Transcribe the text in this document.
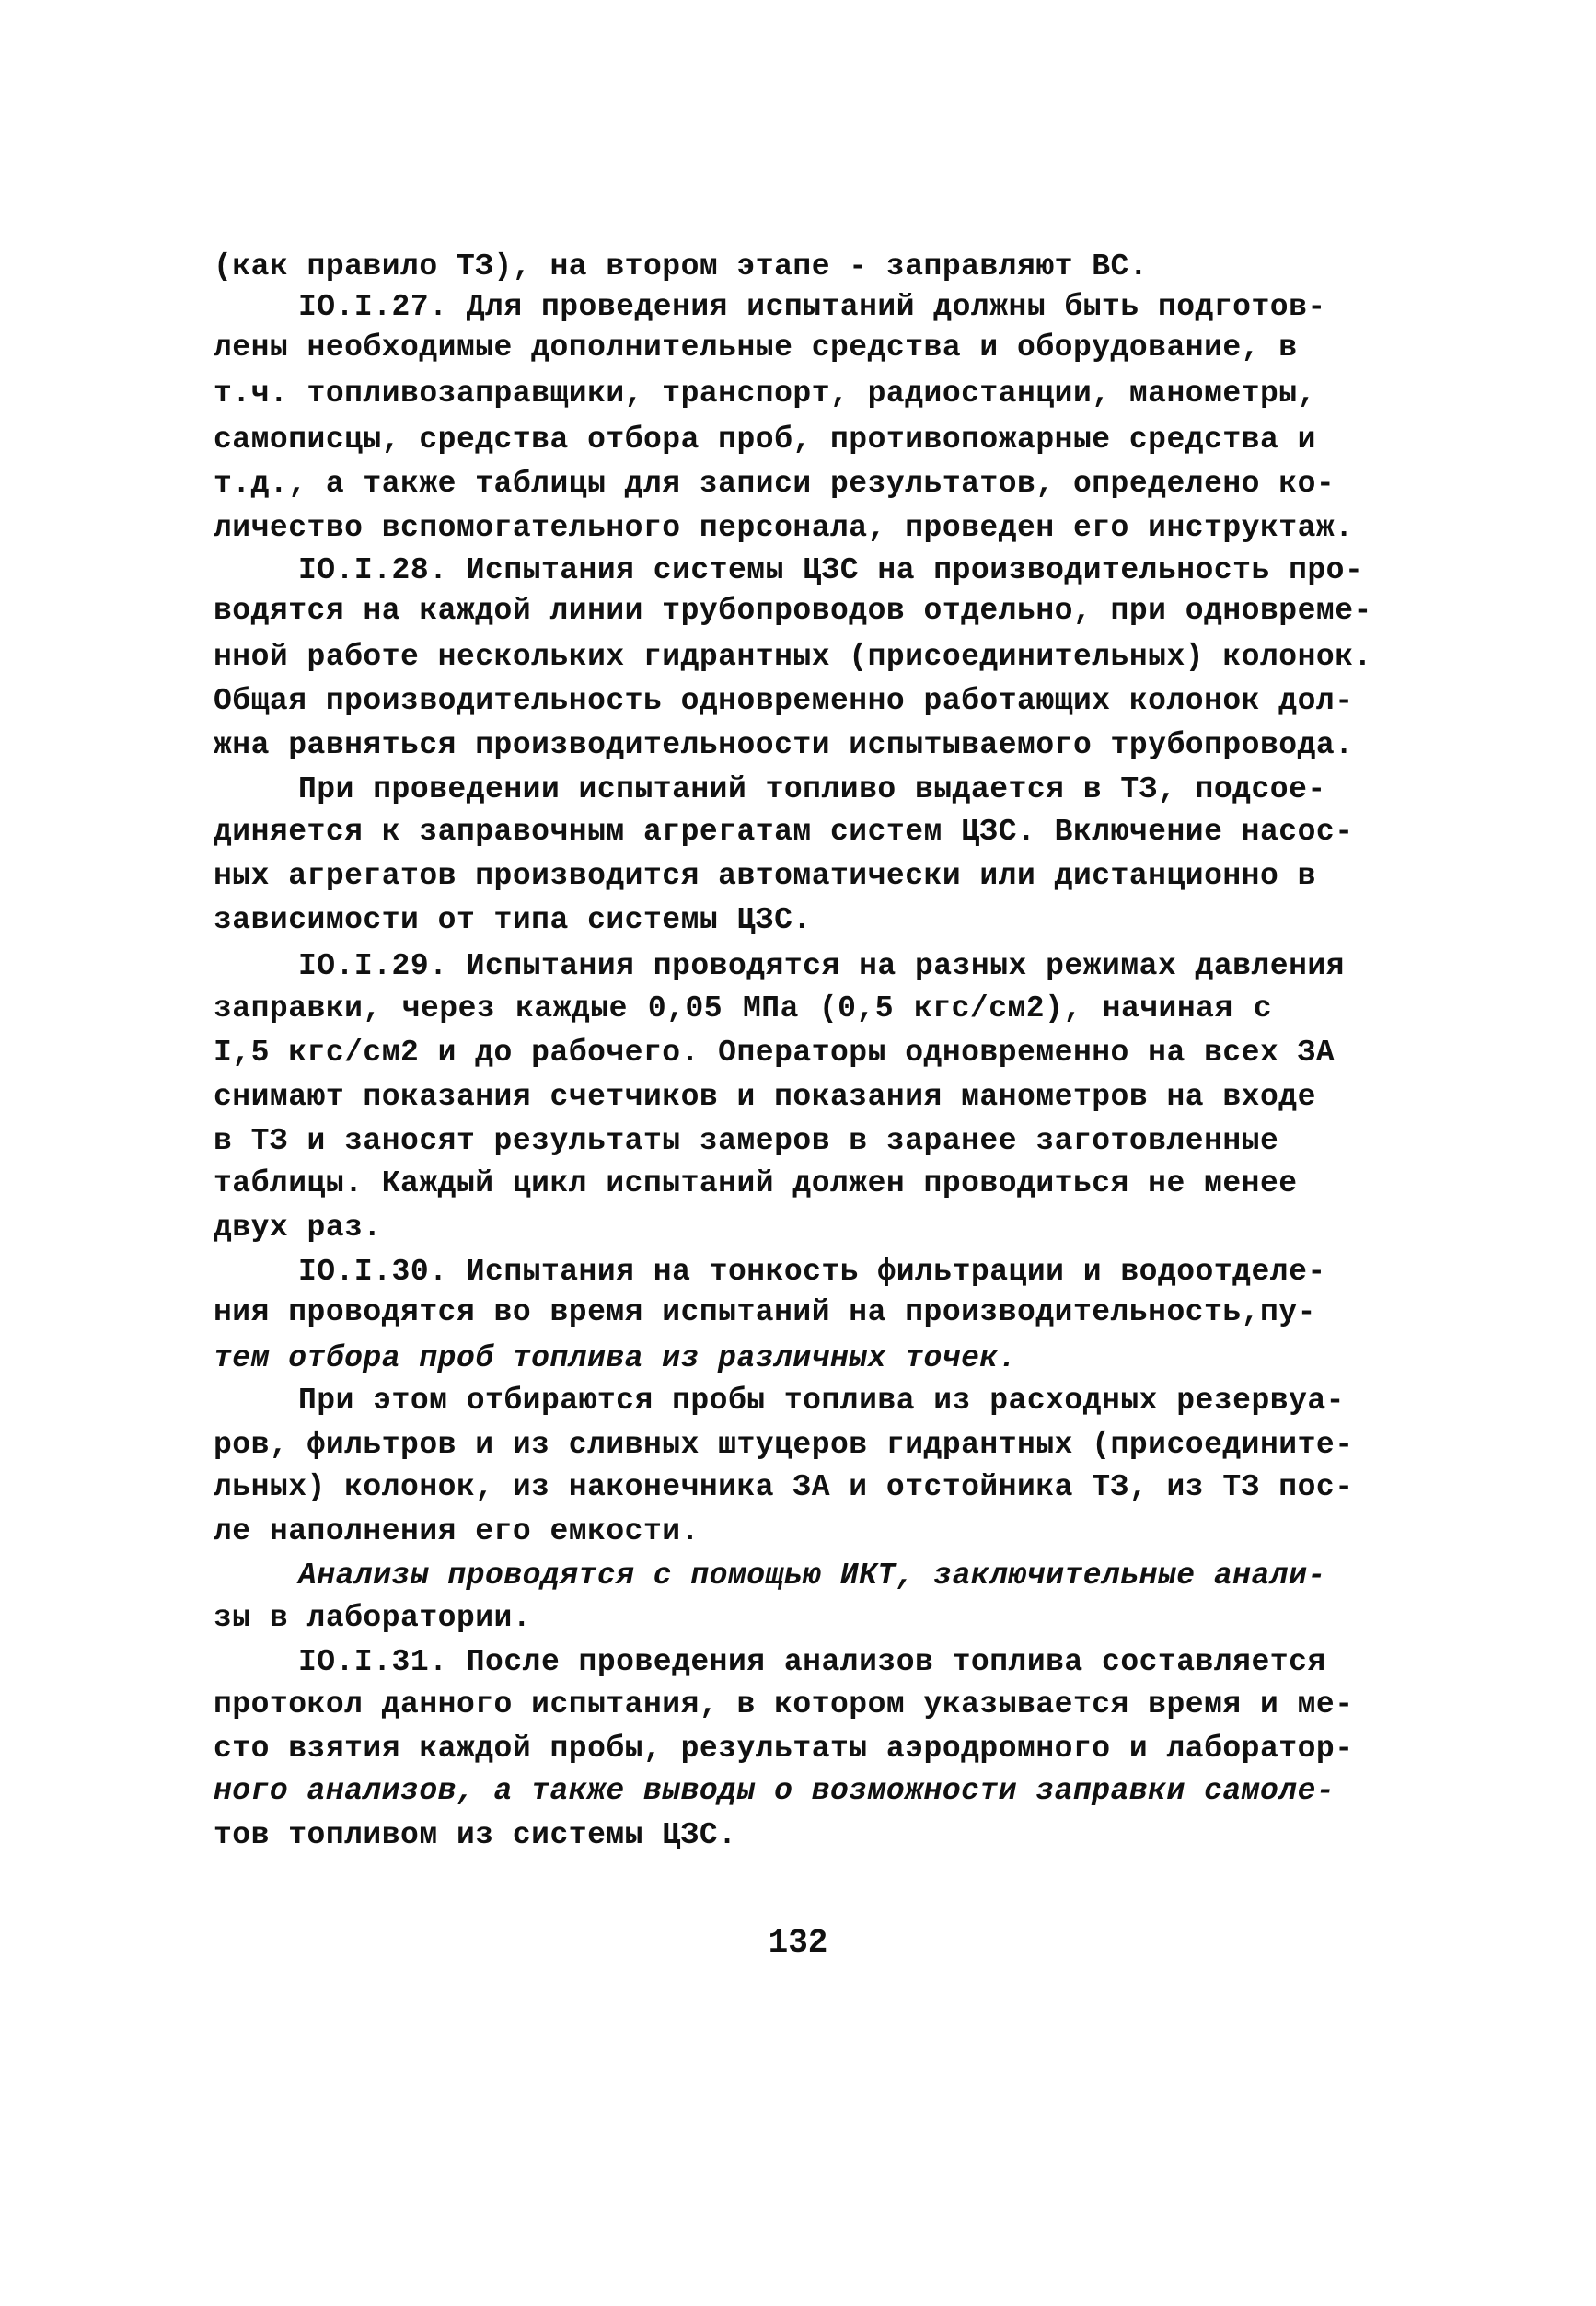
(как правило ТЗ), на втором этапе - заправляют ВС.
IO.I.27. Для проведения испытаний должны быть подготов-
лены необходимые дополнительные средства и оборудование, в
т.ч. топливозаправщики, транспорт, радиостанции, манометры,
самописцы, средства отбора проб, противопожарные средства и
т.д., а также таблицы для записи результатов, определено ко-
личество вспомогательного персонала, проведен его инструктаж.
IO.I.28. Испытания системы ЦЗС на производительность про-
водятся на каждой линии трубопроводов отдельно, при одновреме-
нной работе нескольких гидрантных (присоединительных) колонок.
Общая производительность одновременно работающих колонок дол-
жна равняться производительноости испытываемого трубопровода.
При проведении испытаний топливо выдается в ТЗ, подсое-
диняется к заправочным агрегатам систем ЦЗС. Включение насос-
ных агрегатов производится автоматически или дистанционно в
зависимости от типа системы ЦЗС.
IO.I.29. Испытания проводятся на разных режимах давления
заправки, через каждые 0,05 МПа (0,5 кгс/см2), начиная с
I,5 кгс/см2 и до рабочего. Операторы одновременно на всех ЗА
снимают показания счетчиков и показания манометров на входе
в ТЗ и заносят результаты замеров в заранее заготовленные
таблицы. Каждый цикл испытаний должен проводиться не менее
двух раз.
IO.I.30. Испытания на тонкость фильтрации и водоотделе-
ния проводятся во время испытаний на производительность,пу-
тем отбора проб топлива из различных точек.
При этом отбираются пробы топлива из расходных резервуа-
ров, фильтров и из сливных штуцеров гидрантных (присоедините-
льных) колонок, из наконечника ЗА и отстойника ТЗ, из ТЗ пос-
ле наполнения его емкости.
Анализы проводятся с помощью ИКТ, заключительные анали-
зы в лаборатории.
IO.I.31. После проведения анализов топлива составляется
протокол данного испытания, в котором указывается время и ме-
сто взятия каждой пробы, результаты аэродромного и лаборатор-
ного анализов, а также выводы о возможности заправки самоле-
тов топливом из системы ЦЗС.
132
